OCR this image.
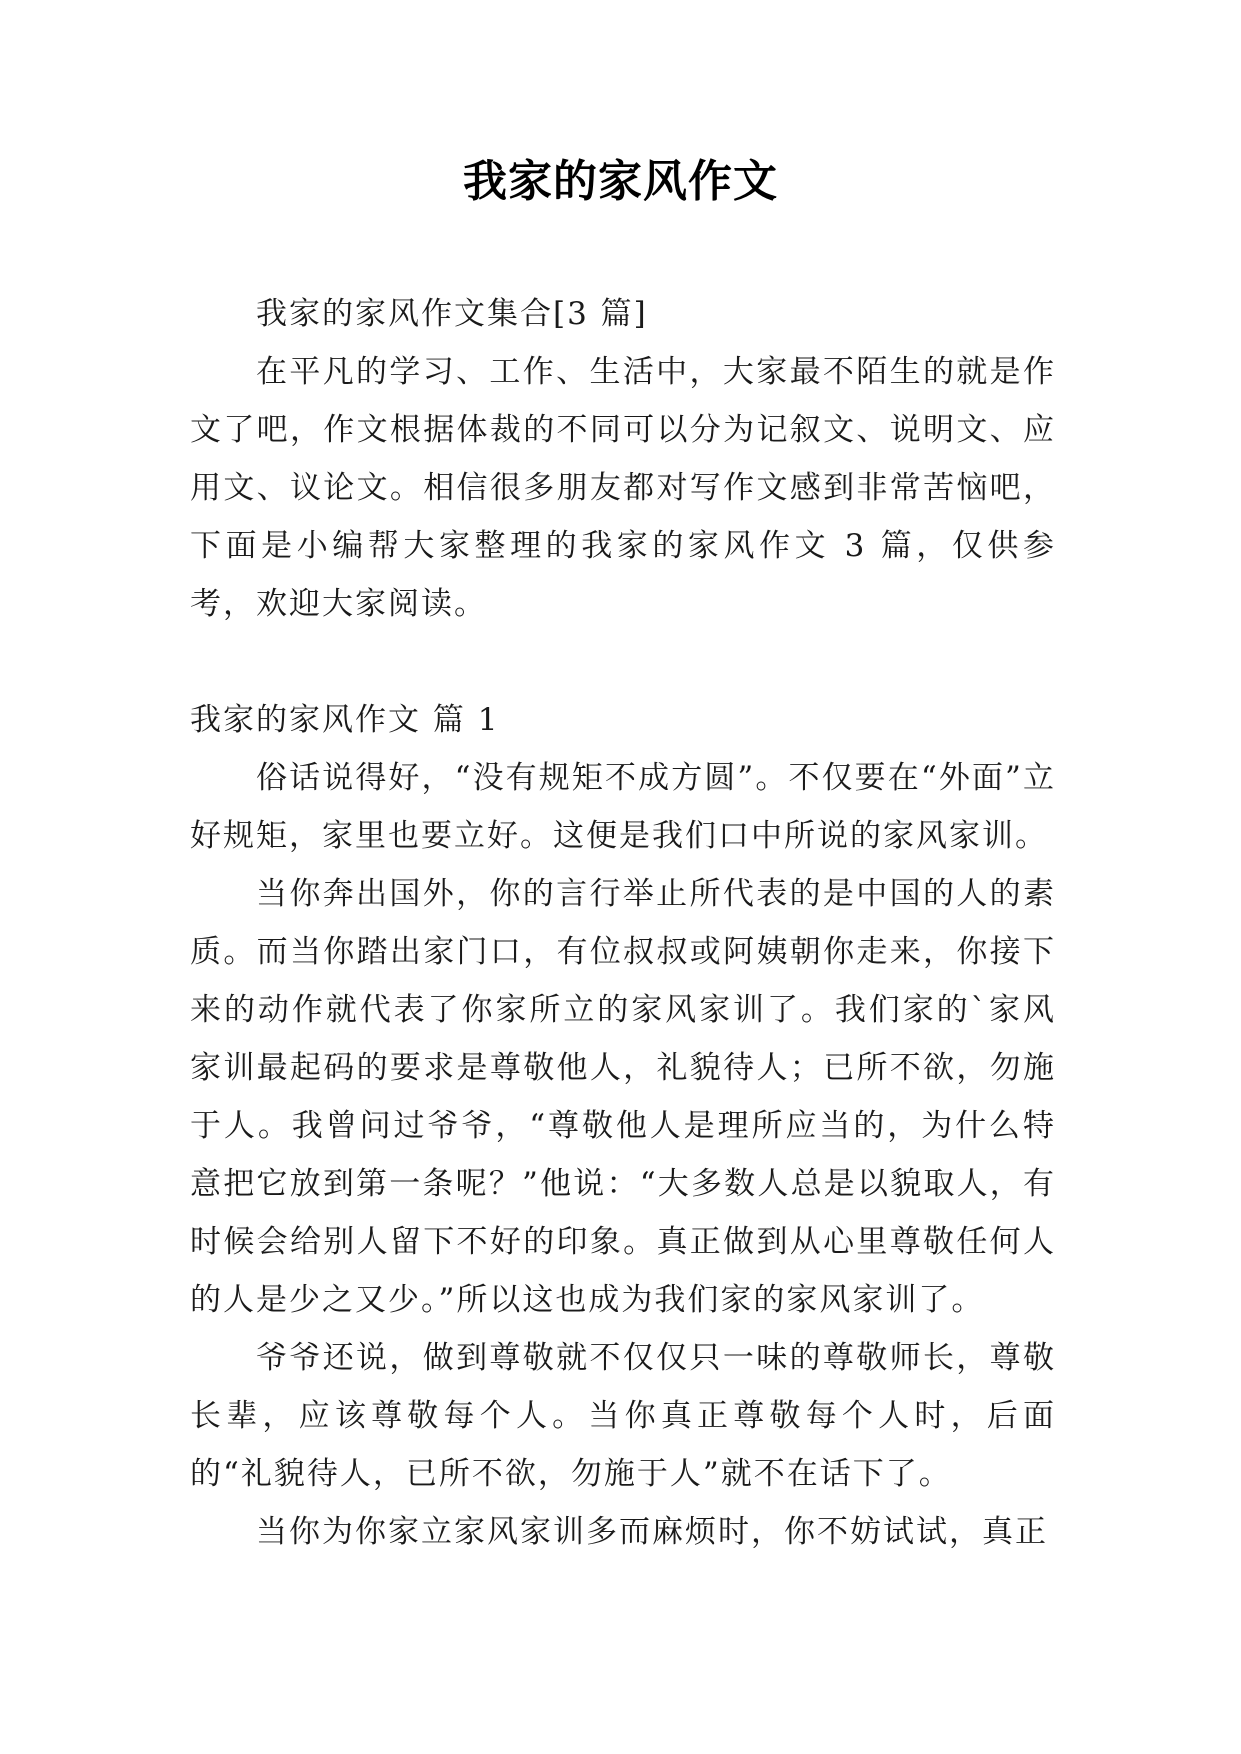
我家的家风作文

我家的家风作文集合[3 篇]

在平凡的学习、工作、生活中，大家最不陌生的就是作文了吧，作文根据体裁的不同可以分为记叙文、说明文、应用文、议论文。相信很多朋友都对写作文感到非常苦恼吧，下面是小编帮大家整理的我家的家风作文 3 篇，仅供参考，欢迎大家阅读。

我家的家风作文 篇 1

俗话说得好，“没有规矩不成方圆”。不仅要在“外面”立好规矩，家里也要立好。这便是我们口中所说的家风家训。

当你奔出国外，你的言行举止所代表的是中国的人的素质。而当你踏出家门口，有位叔叔或阿姨朝你走来，你接下来的动作就代表了你家所立的家风家训了。我们家的`家风家训最起码的要求是尊敬他人，礼貌待人；已所不欲，勿施于人。我曾问过爷爷，“尊敬他人是理所应当的，为什么特意把它放到第一条呢？”他说：“大多数人总是以貌取人，有时候会给别人留下不好的印象。真正做到从心里尊敬任何人的人是少之又少。”所以这也成为我们家的家风家训了。

爷爷还说，做到尊敬就不仅仅只一味的尊敬师长，尊敬长辈，应该尊敬每个人。当你真正尊敬每个人时，后面的“礼貌待人，已所不欲，勿施于人”就不在话下了。

当你为你家立家风家训多而麻烦时，你不妨试试，真正
